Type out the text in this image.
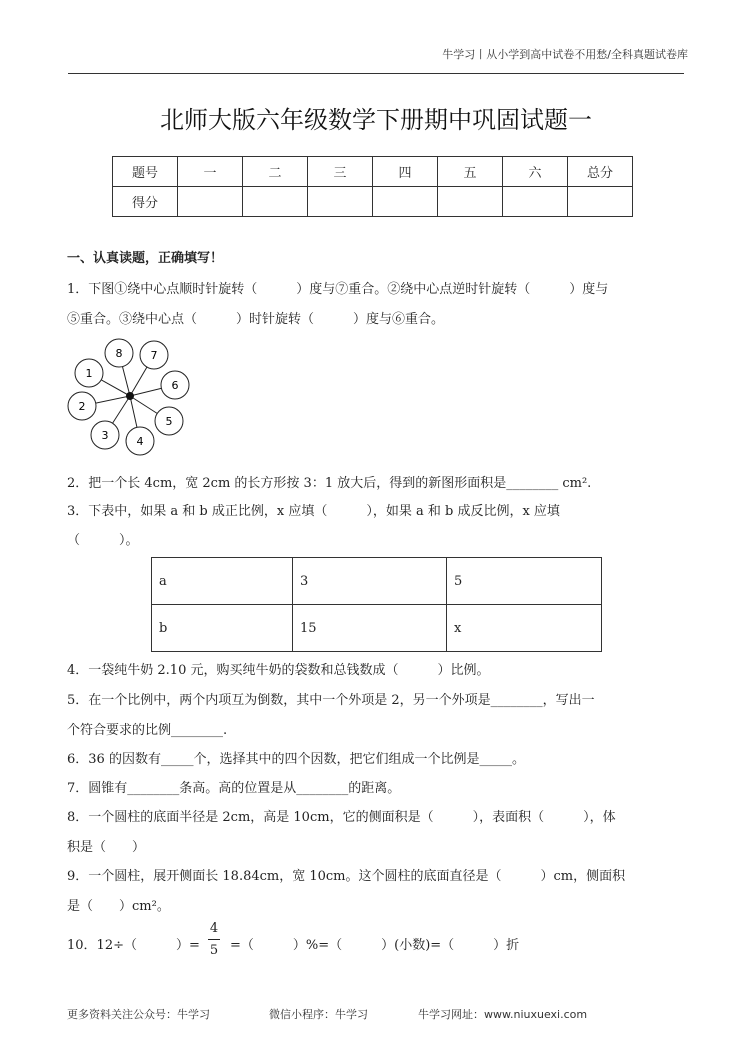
牛学习丨从小学到高中试卷不用愁/全科真题试卷库
北师大版六年级数学下册期中巩固试题一
题号	一	二	三	四	五	六	总分
得分							
一、认真读题，正确填写！
1．下图①绕中心点顺时针旋转（　　　）度与⑦重合。②绕中心点逆时针旋转（　　　）度与
⑤重合。③绕中心点（　　　）时针旋转（　　　）度与⑥重合。
1
2
3	4
5
6
7
8
2．把一个长 4cm，宽 2cm 的长方形按 3：1 放大后，得到的新图形面积是________ cm².
3．下表中，如果 a 和 b 成正比例，x 应填（　　　），如果 a 和 b 成反比例，x 应填
（　　　）。
a	3	5
b	15	x
4．一袋纯牛奶 2.10 元，购买纯牛奶的袋数和总钱数成（　　　）比例。
5．在一个比例中，两个内项互为倒数，其中一个外项是 2，另一个外项是________，写出一
个符合要求的比例________.
6．36 的因数有_____个，选择其中的四个因数，把它们组成一个比例是_____。
7．圆锥有________条高。高的位置是从________的距离。
8．一个圆柱的底面半径是 2cm，高是 10cm，它的侧面积是（　　　），表面积（　　　），体
积是（　　）
9．一个圆柱，展开侧面长 18.84cm，宽 10cm。这个圆柱的底面直径是（　　　）cm，侧面积
是（　　）cm²。
10．12÷（　　　）=
4
5 =（　　　）%=（　　　）(小数)=（　　　）折
更多资料关注公众号：牛学习	微信小程序：牛学习	牛学习网址：www.niuxuexi.com
